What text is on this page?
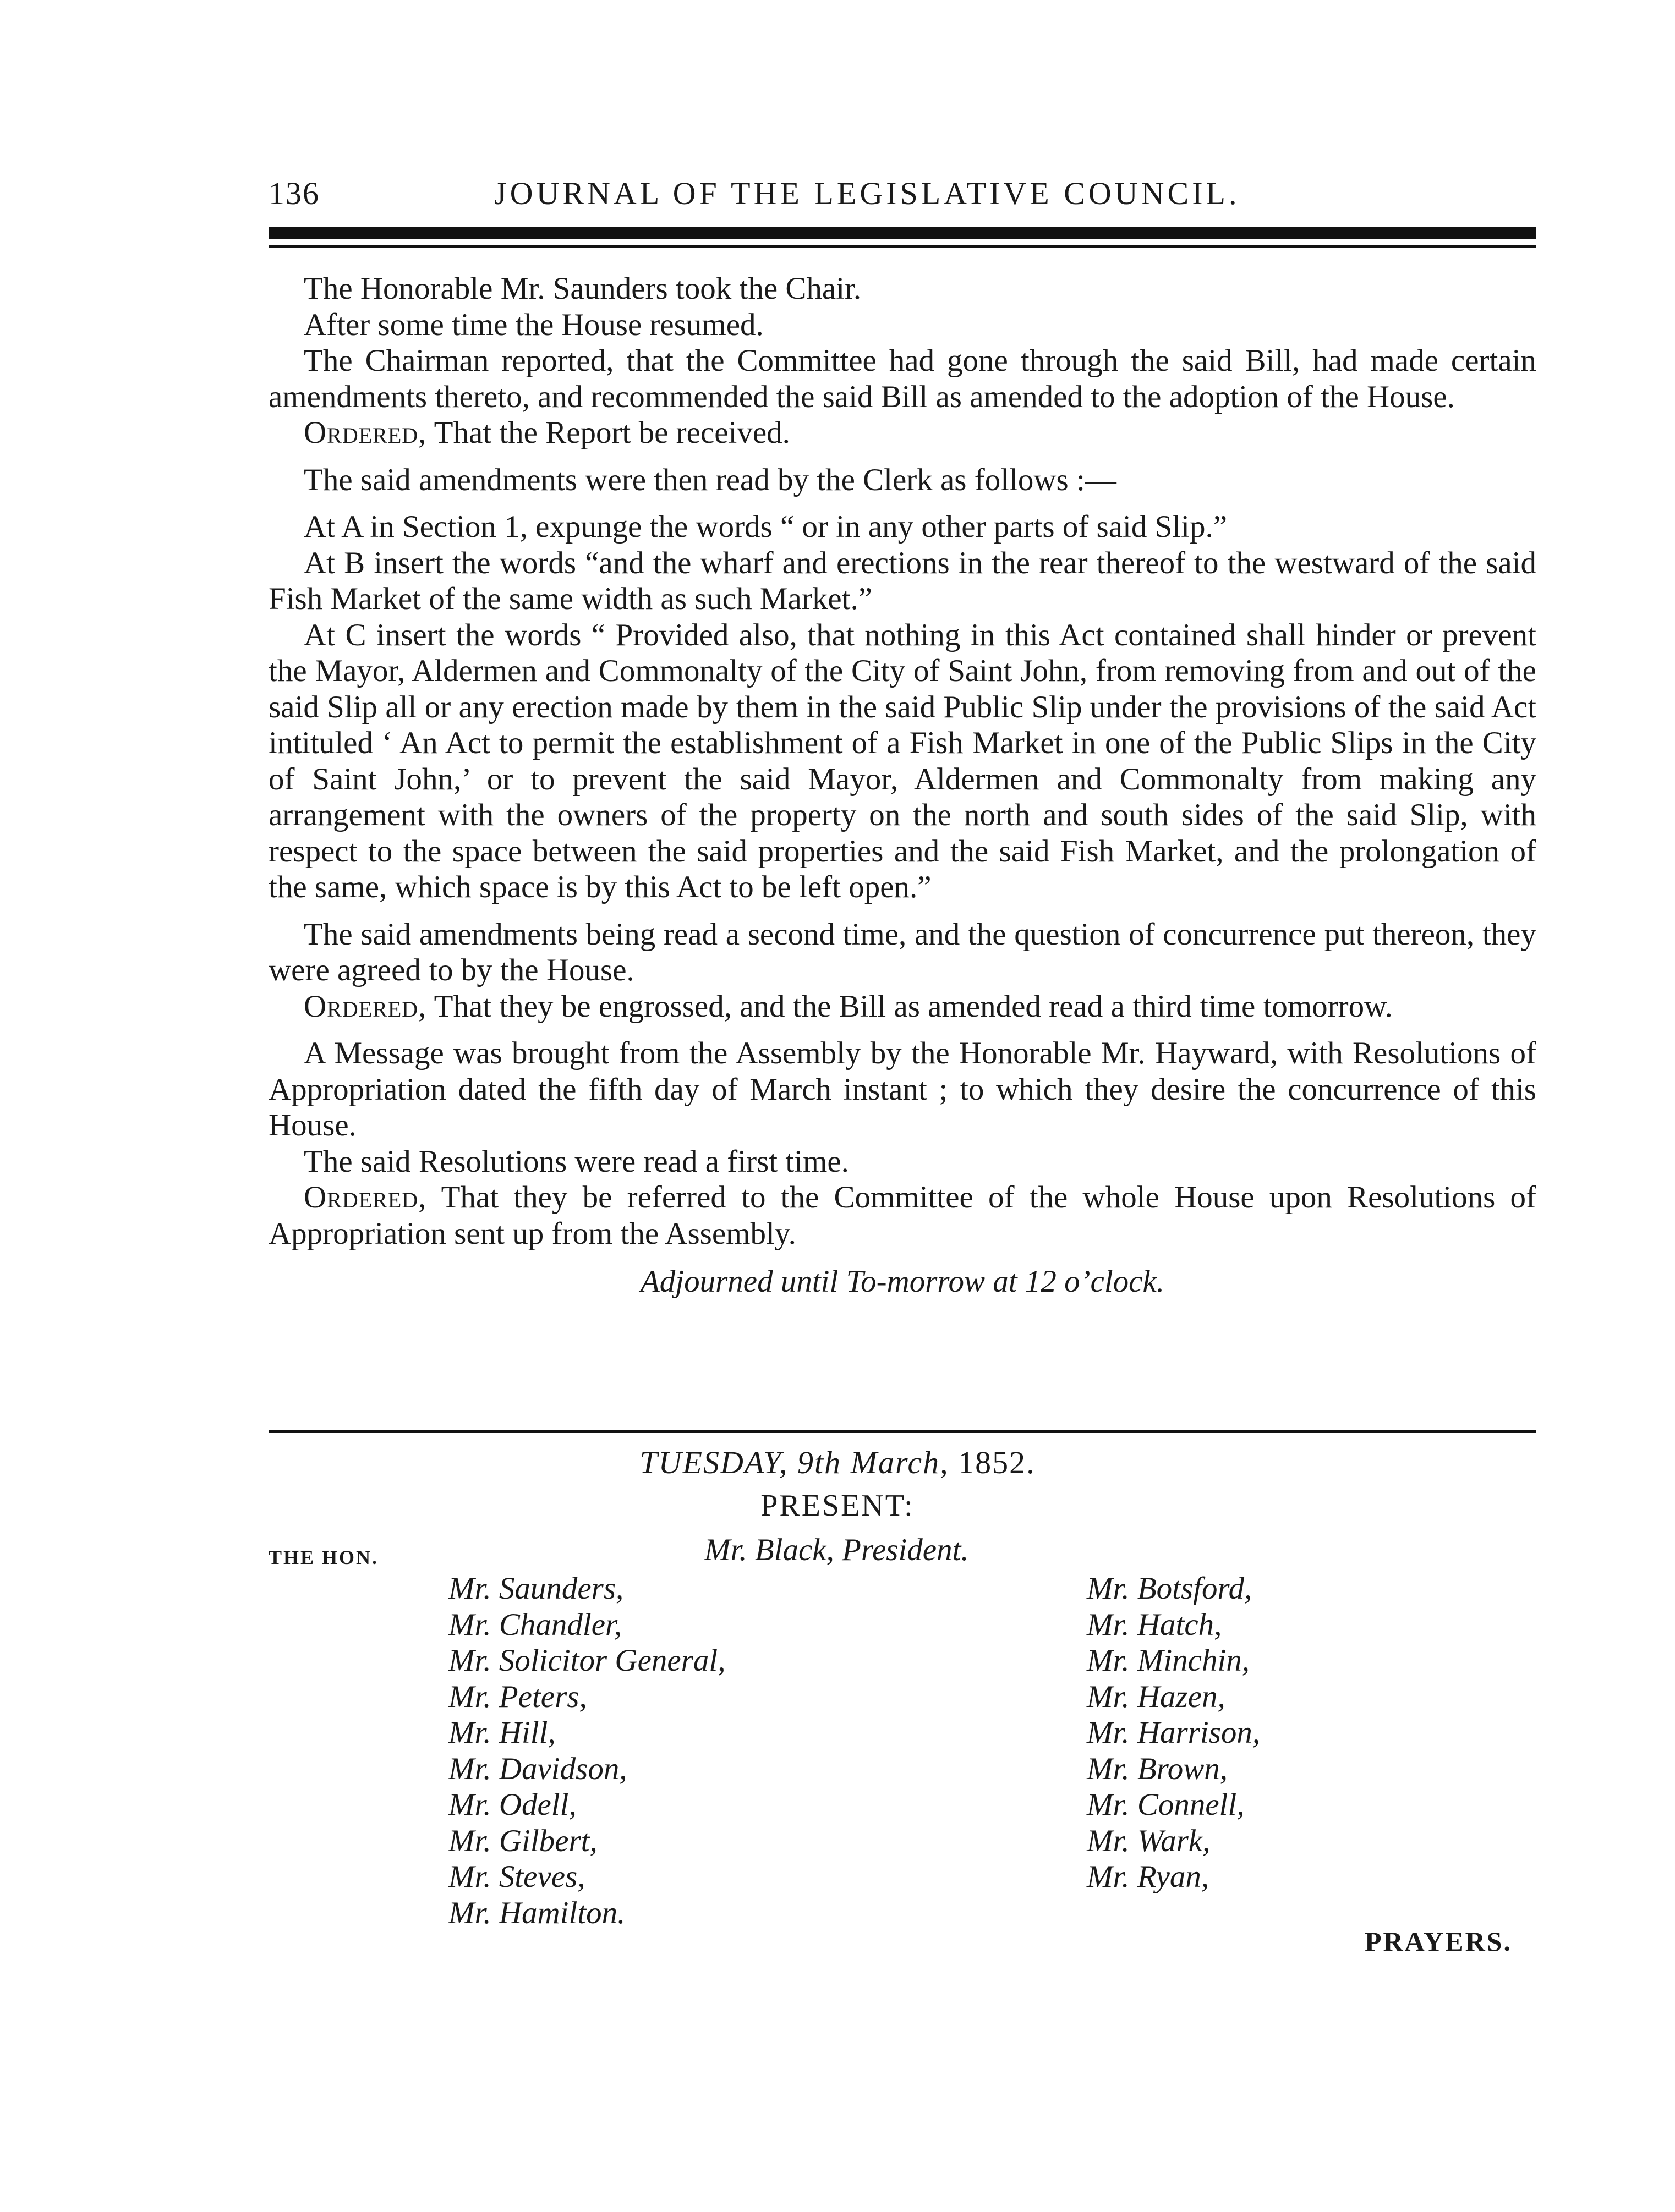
136	JOURNAL OF THE LEGISLATIVE COUNCIL.

The Honorable Mr. Saunders took the Chair.

After some time the House resumed.

The Chairman reported, that the Committee had gone through the said Bill, had made certain amendments thereto, and recommended the said Bill as amended to the adoption of the House.

Ordered, That the Report be received.

The said amendments were then read by the Clerk as follows :—

At A in Section 1, expunge the words “ or in any other parts of said Slip.”

At B insert the words “and the wharf and erections in the rear thereof to the westward of the said Fish Market of the same width as such Market.”

At C insert the words “ Provided also, that nothing in this Act contained shall hinder or prevent the Mayor, Aldermen and Commonalty of the City of Saint John, from removing from and out of the said Slip all or any erection made by them in the said Public Slip under the provisions of the said Act intituled ‘ An Act to permit the establishment of a Fish Market in one of the Public Slips in the City of Saint John,’ or to prevent the said Mayor, Aldermen and Commonalty from making any arrangement with the owners of the property on the north and south sides of the said Slip, with respect to the space between the said properties and the said Fish Market, and the prolongation of the same, which space is by this Act to be left open.”

The said amendments being read a second time, and the question of concurrence put thereon, they were agreed to by the House.

Ordered, That they be engrossed, and the Bill as amended read a third time tomorrow.

A Message was brought from the Assembly by the Honorable Mr. Hayward, with Resolutions of Appropriation dated the fifth day of March instant ; to which they desire the concurrence of this House.

The said Resolutions were read a first time.

Ordered, That they be referred to the Committee of the whole House upon Resolutions of Appropriation sent up from the Assembly.

Adjourned until To-morrow at 12 o’clock.

TUESDAY, 9th March, 1852.
PRESENT:
THE HON.	Mr. Black, President.
Mr. Saunders,
Mr. Chandler,
Mr. Solicitor General,
Mr. Peters,
Mr. Hill,
Mr. Davidson,
Mr. Odell,
Mr. Gilbert,
Mr. Steves,
Mr. Hamilton.
Mr. Botsford,
Mr. Hatch,
Mr. Minchin,
Mr. Hazen,
Mr. Harrison,
Mr. Brown,
Mr. Connell,
Mr. Wark,
Mr. Ryan,
PRAYERS.
